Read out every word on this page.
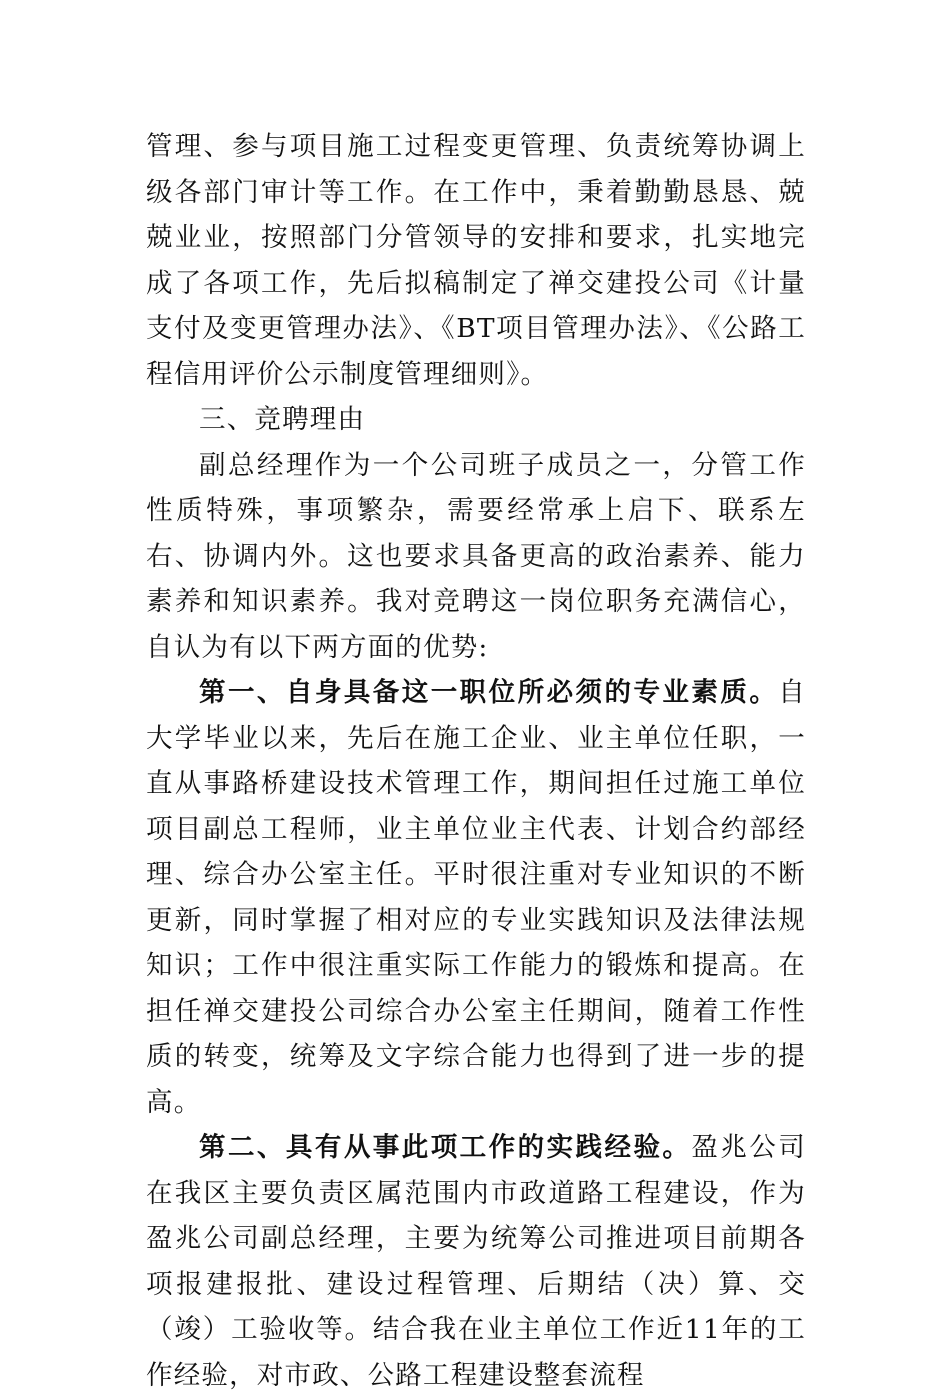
管理、参与项目施工过程变更管理、负责统筹协调上级各部门审计等工作。在工作中，秉着勤勤恳恳、兢兢业业，按照部门分管领导的安排和要求，扎实地完成了各项工作，先后拟稿制定了禅交建投公司《计量支付及变更管理办法》、《BT项目管理办法》、《公路工程信用评价公示制度管理细则》。

三、竞聘理由

副总经理作为一个公司班子成员之一，分管工作性质特殊，事项繁杂，需要经常承上启下、联系左右、协调内外。这也要求具备更高的政治素养、能力素养和知识素养。我对竞聘这一岗位职务充满信心，自认为有以下两方面的优势:

第一、自身具备这一职位所必须的专业素质。自大学毕业以来，先后在施工企业、业主单位任职，一直从事路桥建设技术管理工作，期间担任过施工单位项目副总工程师，业主单位业主代表、计划合约部经理、综合办公室主任。平时很注重对专业知识的不断更新，同时掌握了相对应的专业实践知识及法律法规知识；工作中很注重实际工作能力的锻炼和提高。在担任禅交建投公司综合办公室主任期间，随着工作性质的转变，统筹及文字综合能力也得到了进一步的提高。

第二、具有从事此项工作的实践经验。盈兆公司在我区主要负责区属范围内市政道路工程建设，作为盈兆公司副总经理，主要为统筹公司推进项目前期各项报建报批、建设过程管理、后期结（决）算、交（竣）工验收等。结合我在业主单位工作近11年的工作经验，对市政、公路工程建设整套流程
